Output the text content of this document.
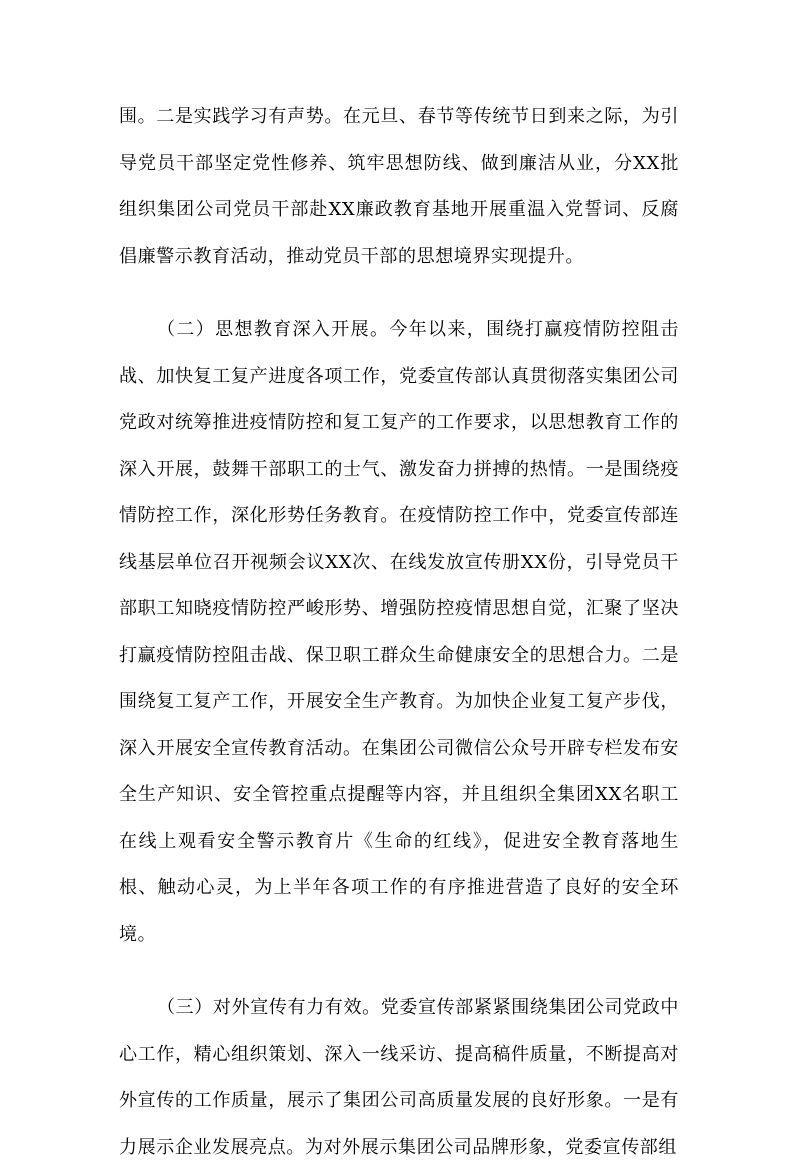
围。二是实践学习有声势。在元旦、春节等传统节日到来之际，为引导党员干部坚定党性修养、筑牢思想防线、做到廉洁从业，分XX批组织集团公司党员干部赴XX廉政教育基地开展重温入党誓词、反腐倡廉警示教育活动，推动党员干部的思想境界实现提升。

（二）思想教育深入开展。今年以来，围绕打赢疫情防控阻击战、加快复工复产进度各项工作，党委宣传部认真贯彻落实集团公司党政对统筹推进疫情防控和复工复产的工作要求，以思想教育工作的深入开展，鼓舞干部职工的士气、激发奋力拼搏的热情。一是围绕疫情防控工作，深化形势任务教育。在疫情防控工作中，党委宣传部连线基层单位召开视频会议XX次、在线发放宣传册XX份，引导党员干部职工知晓疫情防控严峻形势、增强防控疫情思想自觉，汇聚了坚决打赢疫情防控阻击战、保卫职工群众生命健康安全的思想合力。二是围绕复工复产工作，开展安全生产教育。为加快企业复工复产步伐，深入开展安全宣传教育活动。在集团公司微信公众号开辟专栏发布安全生产知识、安全管控重点提醒等内容，并且组织全集团XX名职工在线上观看安全警示教育片《生命的红线》，促进安全教育落地生根、触动心灵，为上半年各项工作的有序推进营造了良好的安全环境。

（三）对外宣传有力有效。党委宣传部紧紧围绕集团公司党政中心工作，精心组织策划、深入一线采访、提高稿件质量，不断提高对外宣传的工作质量，展示了集团公司高质量发展的良好形象。一是有力展示企业发展亮点。为对外展示集团公司品牌形象，党委宣传部组
